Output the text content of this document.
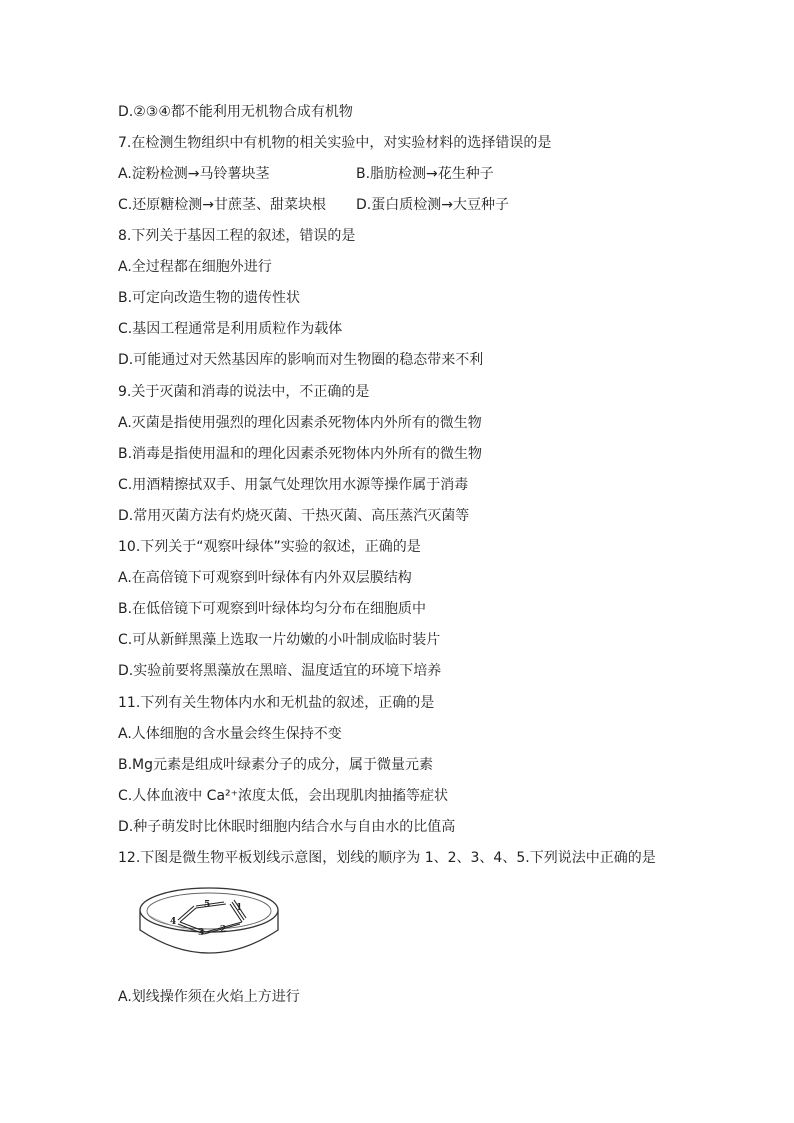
D.②③④都不能利用无机物合成有机物
7.在检测生物组织中有机物的相关实验中，对实验材料的选择错误的是
A.淀粉检测→马铃薯块茎	B.脂肪检测→花生种子
C.还原糖检测→甘蔗茎、甜菜块根 D.蛋白质检测→大豆种子
8.下列关于基因工程的叙述，错误的是
A.全过程都在细胞外进行
B.可定向改造生物的遗传性状
C.基因工程通常是利用质粒作为载体
D.可能通过对天然基因库的影响而对生物圈的稳态带来不利
9.关于灭菌和消毒的说法中，不正确的是
A.灭菌是指使用强烈的理化因素杀死物体内外所有的微生物
B.消毒是指使用温和的理化因素杀死物体内外所有的微生物
C.用酒精擦拭双手、用氯气处理饮用水源等操作属于消毒
D.常用灭菌方法有灼烧灭菌、干热灭菌、高压蒸汽灭菌等
10.下列关于“观察叶绿体”实验的叙述，正确的是
A.在高倍镜下可观察到叶绿体有内外双层膜结构
B.在低倍镜下可观察到叶绿体均匀分布在细胞质中
C.可从新鲜黑藻上选取一片幼嫩的小叶制成临时装片
D.实验前要将黑藻放在黑暗、温度适宜的环境下培养
11.下列有关生物体内水和无机盐的叙述，正确的是
A.人体细胞的含水量会终生保持不变
B.Mg元素是组成叶绿素分子的成分，属于微量元素
C.人体血液中 Ca²⁺浓度太低，会出现肌肉抽搐等症状
D.种子萌发时比休眠时细胞内结合水与自由水的比值高
12.下图是微生物平板划线示意图，划线的顺序为 1、2、3、4、5.下列说法中正确的是
1
2
3
4
5
A.划线操作须在火焰上方进行
